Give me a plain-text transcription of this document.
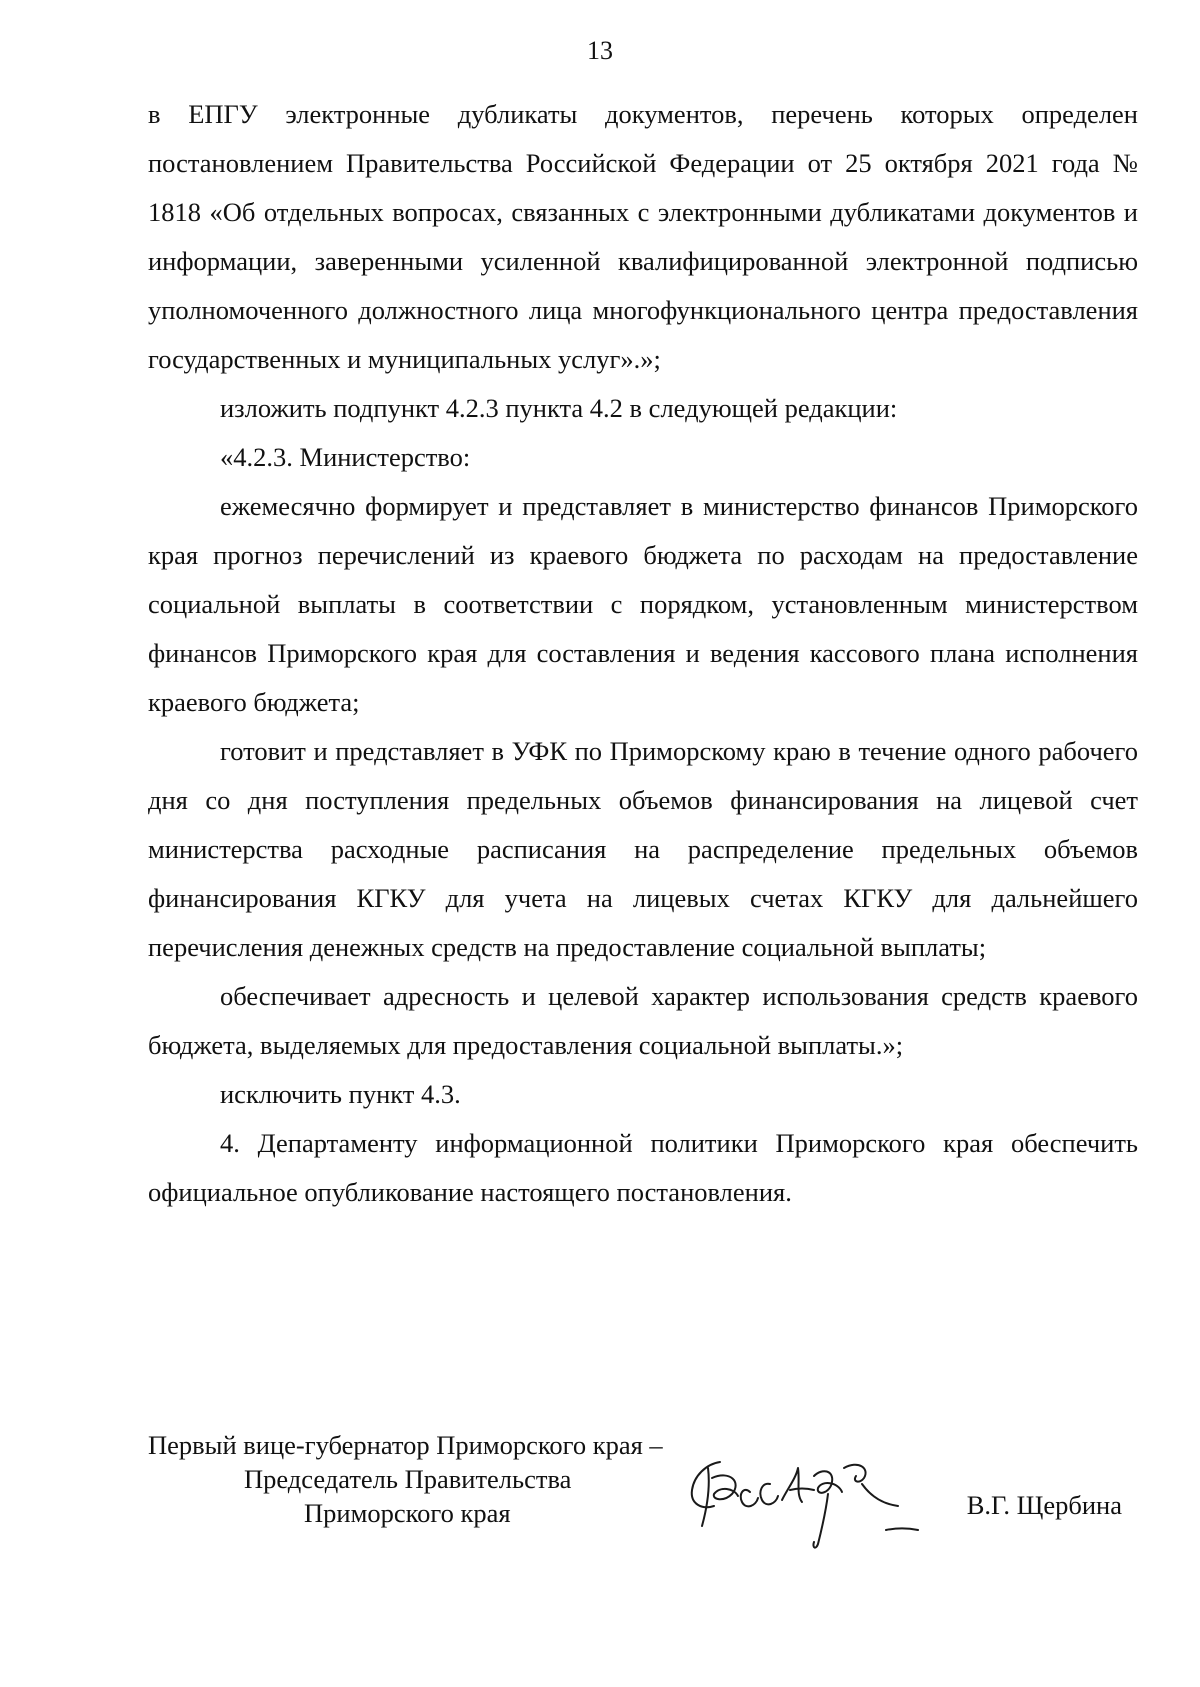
13

в ЕПГУ электронные дубликаты документов, перечень которых определен постановлением Правительства Российской Федерации от 25 октября 2021 года № 1818 «Об отдельных вопросах, связанных с электронными дубликатами документов и информации, заверенными усиленной квалифицированной электронной подписью уполномоченного должностного лица многофункционального центра предоставления государственных и муниципальных услуг».»;

изложить подпункт 4.2.3 пункта 4.2 в следующей редакции:

«4.2.3. Министерство:

ежемесячно формирует и представляет в министерство финансов Приморского края прогноз перечислений из краевого бюджета по расходам на предоставление социальной выплаты в соответствии с порядком, установленным министерством финансов Приморского края для составления и ведения кассового плана исполнения краевого бюджета;

готовит и представляет в УФК по Приморскому краю в течение одного рабочего дня со дня поступления предельных объемов финансирования на лицевой счет министерства расходные расписания на распределение предельных объемов финансирования КГКУ для учета на лицевых счетах КГКУ для дальнейшего перечисления денежных средств на предоставление социальной выплаты;

обеспечивает адресность и целевой характер использования средств краевого бюджета, выделяемых для предоставления социальной выплаты.»;

исключить пункт 4.3.

4. Департаменту информационной политики Приморского края обеспечить официальное опубликование настоящего постановления.

Первый вице-губернатор Приморского края –
Председатель Правительства
Приморского края	В.Г. Щербина
